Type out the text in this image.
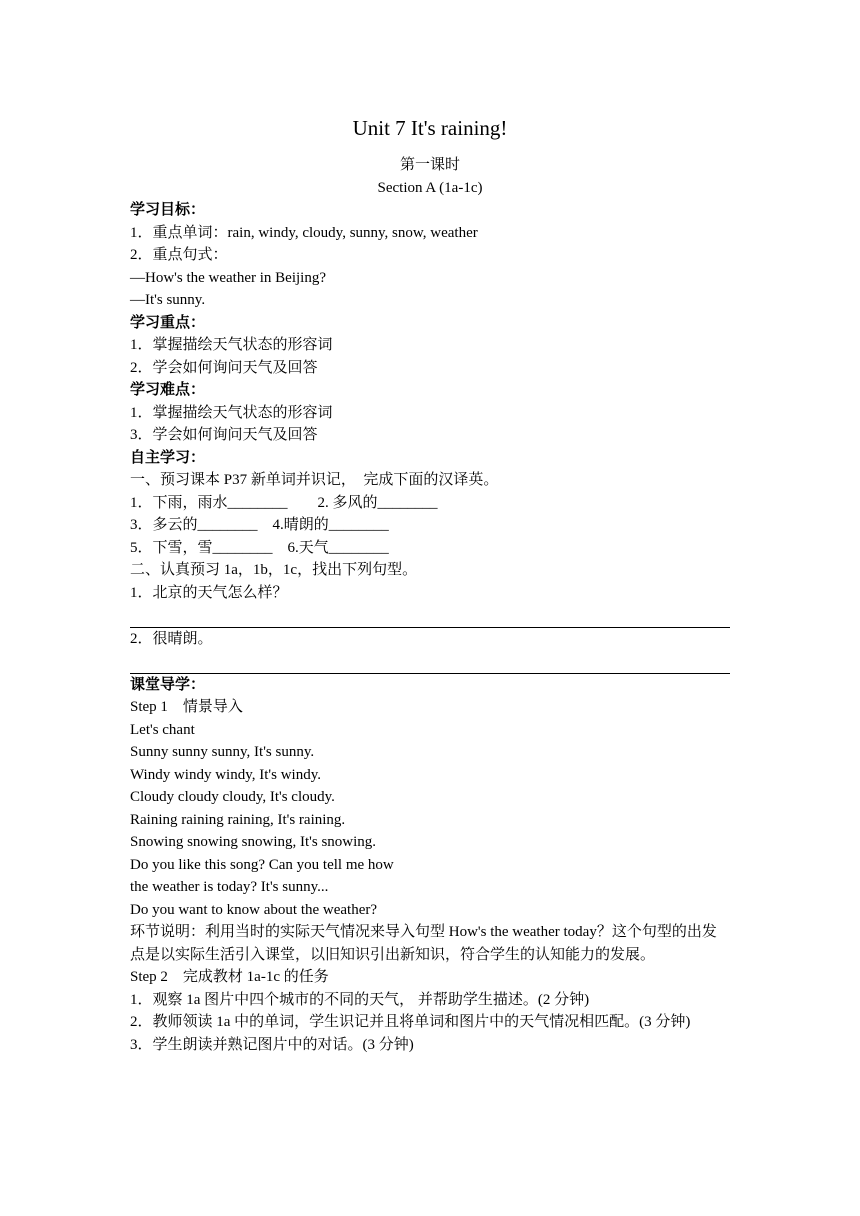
Unit 7 It's raining!
第一课时
Section A (1a-1c)
学习目标：
1．重点单词：rain, windy, cloudy, sunny, snow, weather
2．重点句式：
—How's the weather in Beijing?
—It's sunny.
学习重点：
1．掌握描绘天气状态的形容词
2．学会如何询问天气及回答
学习难点：
1．掌握描绘天气状态的形容词
3．学会如何询问天气及回答
自主学习：
一、预习课本 P37 新单词并识记，  完成下面的汉译英。
1．下雨，雨水________        2. 多风的________
3．多云的________    4.晴朗的________
5．下雪，雪________    6.天气________
二、认真预习 1a，1b，1c，找出下列句型。
1．北京的天气怎么样？
2．很晴朗。
课堂导学：
Step 1    情景导入
Let's chant
Sunny sunny sunny, It's sunny.
Windy windy windy, It's windy.
Cloudy cloudy cloudy, It's cloudy.
Raining raining raining, It's raining.
Snowing snowing snowing, It's snowing.
Do you like this song? Can you tell me how
the weather is today? It's sunny...
Do you want to know about the weather?
环节说明：利用当时的实际天气情况来导入句型 How's the weather today？这个句型的出发点是以实际生活引入课堂，以旧知识引出新知识，符合学生的认知能力的发展。
Step 2    完成教材 1a-1c 的任务
1．观察 1a 图片中四个城市的不同的天气， 并帮助学生描述。(2 分钟)
2．教师领读 1a 中的单词，学生识记并且将单词和图片中的天气情况相匹配。(3 分钟)
3．学生朗读并熟记图片中的对话。(3 分钟)
